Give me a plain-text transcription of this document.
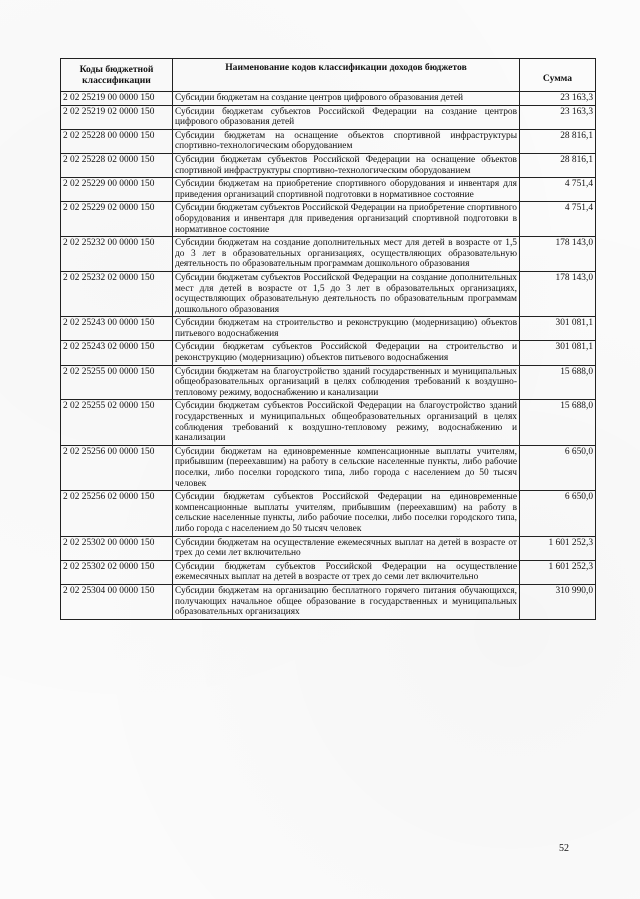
Коды бюджетной классификации	Наименование кодов классификации доходов бюджетов	Сумма
2 02 25219 00 0000 150	Субсидии бюджетам на создание центров цифрового образования детей	23 163,3
2 02 25219 02 0000 150	Субсидии бюджетам субъектов Российской Федерации на создание центров цифрового образования детей	23 163,3
2 02 25228 00 0000 150	Субсидии бюджетам на оснащение объектов спортивной инфраструктуры спортивно-технологическим оборудованием	28 816,1
2 02 25228 02 0000 150	Субсидии бюджетам субъектов Российской Федерации на оснащение объектов спортивной инфраструктуры спортивно-технологическим оборудованием	28 816,1
2 02 25229 00 0000 150	Субсидии бюджетам на приобретение спортивного оборудования и инвентаря для приведения организаций спортивной подготовки в нормативное состояние	4 751,4
2 02 25229 02 0000 150	Субсидии бюджетам субъектов Российской Федерации на приобретение спортивного оборудования и инвентаря для приведения организаций спортивной подготовки в нормативное состояние	4 751,4
2 02 25232 00 0000 150	Субсидии бюджетам на создание дополнительных мест для детей в возрасте от 1,5 до 3 лет в образовательных организациях, осуществляющих образовательную деятельность по образовательным программам дошкольного образования	178 143,0
2 02 25232 02 0000 150	Субсидии бюджетам субъектов Российской Федерации на создание дополнительных мест для детей в возрасте от 1,5 до 3 лет в образовательных организациях, осуществляющих образовательную деятельность по образовательным программам дошкольного образования	178 143,0
2 02 25243 00 0000 150	Субсидии бюджетам на строительство и реконструкцию (модернизацию) объектов питьевого водоснабжения	301 081,1
2 02 25243 02 0000 150	Субсидии бюджетам субъектов Российской Федерации на строительство и реконструкцию (модернизацию) объектов питьевого водоснабжения	301 081,1
2 02 25255 00 0000 150	Субсидии бюджетам на благоустройство зданий государственных и муниципальных общеобразовательных организаций в целях соблюдения требований к воздушно-тепловому режиму, водоснабжению и канализации	15 688,0
2 02 25255 02 0000 150	Субсидии бюджетам субъектов Российской Федерации на благоустройство зданий государственных и муниципальных общеобразовательных организаций в целях соблюдения требований к воздушно-тепловому режиму, водоснабжению и канализации	15 688,0
2 02 25256 00 0000 150	Субсидии бюджетам на единовременные компенсационные выплаты учителям, прибывшим (переехавшим) на работу в сельские населенные пункты, либо рабочие поселки, либо поселки городского типа, либо города с населением до 50 тысяч человек	6 650,0
2 02 25256 02 0000 150	Субсидии бюджетам субъектов Российской Федерации на единовременные компенсационные выплаты учителям, прибывшим (переехавшим) на работу в сельские населенные пункты, либо рабочие поселки, либо поселки городского типа, либо города с населением до 50 тысяч человек	6 650,0
2 02 25302 00 0000 150	Субсидии бюджетам на осуществление ежемесячных выплат на детей в возрасте от трех до семи лет включительно	1 601 252,3
2 02 25302 02 0000 150	Субсидии бюджетам субъектов Российской Федерации на осуществление ежемесячных выплат на детей в возрасте от трех до семи лет включительно	1 601 252,3
2 02 25304 00 0000 150	Субсидии бюджетам на организацию бесплатного горячего питания обучающихся, получающих начальное общее образование в государственных и муниципальных образовательных организациях	310 990,0
52
